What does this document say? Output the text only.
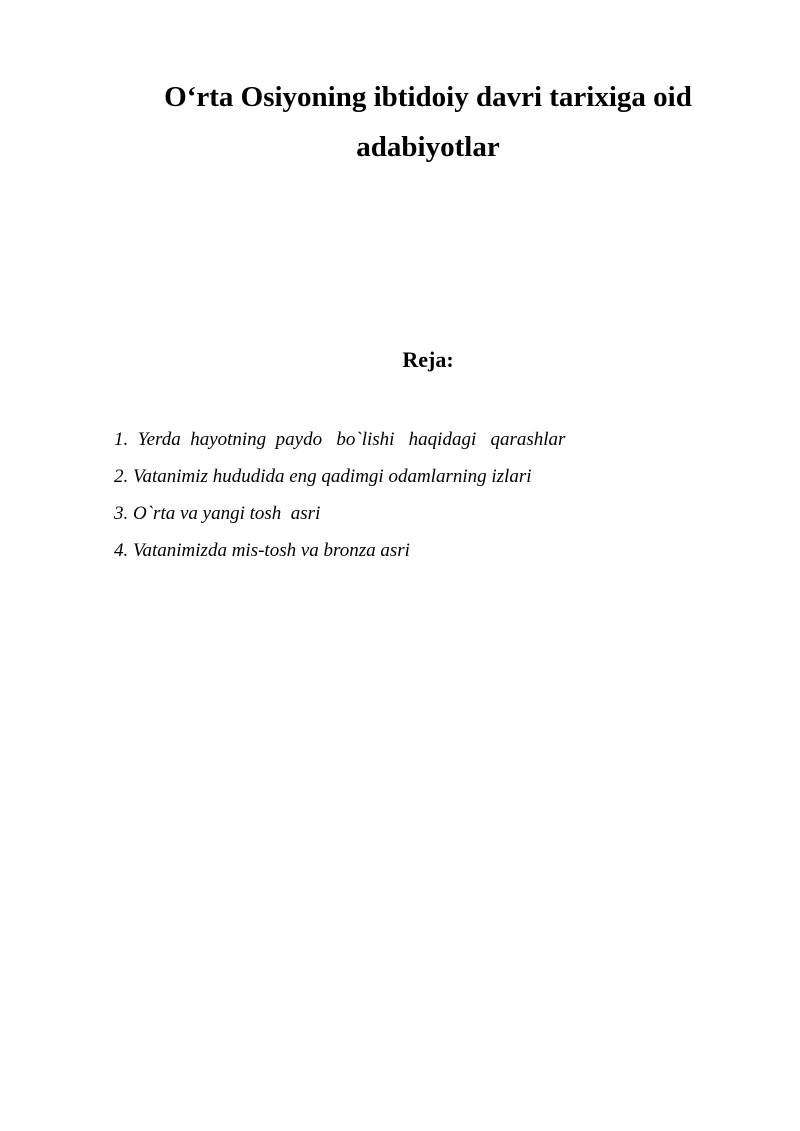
O‘rta Osiyoning ibtidoiy davri tarixiga oid
adabiyotlar
Reja:
1.  Yerda  hayotning  paydo   bo`lishi   haqidagi   qarashlar
2. Vatanimiz hududida eng qadimgi odamlarning izlari
3. O`rta va yangi tosh  asri
4. Vatanimizda mis-tosh va bronza asri
